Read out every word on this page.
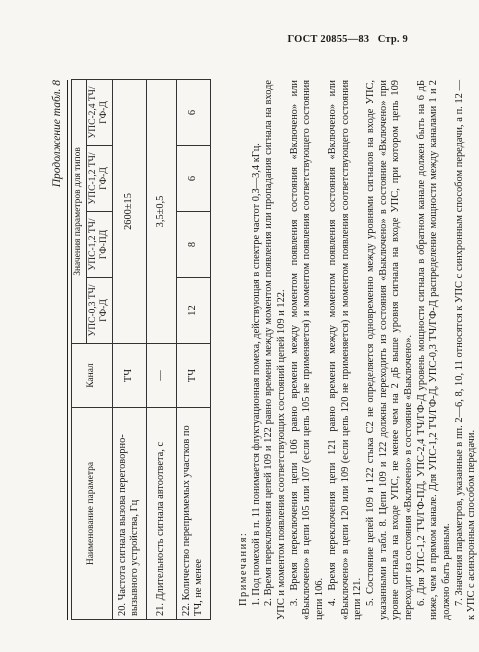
ГОСТ 20855—83 Стр. 9
Продолжение табл. 8
Наименование параметра	Канал	Значения параметров для типов			
		УПС-0,3 ТЧ/ГФ-Д	УПС-1,2 ТЧ/ГФ-ПД	УПС-1,2 ТЧ/ГФ-Д	УПС-2,4 ТЧ/ГФ-Д
20. Частота сигнала вызова переговорно-вызывного устройства, Гц	ТЧ	2600±15			
21. Длительность сигнала автоответа, с	—	3,5±0,5			
22. Количество перепримемых участков по ТЧ, не менее	ТЧ	12	8	6	6

Примечания: 1. Под помехой в п. 11 понимается флуктуационная помеха, действующая в спектре частот 0,3—3,4 кГц. 2. Время переключения цепей 109 и 122 равно времени между моментом появления или пропадания сигнала на входе УПС и моментом появления соответствующих состояний цепей 109 и 122. 3. Время переключения цепи 106 равно времени между моментом появления состояния «Включено» или «Выключено» в цепи 105 или 107 (если цепь 105 не применяется) и моментом появления соответствующего состояния цепи 106. 4. Время переключения цепи 121 равно времени между моментом появления состояния «Включено» или «Выключено» в цепи 120 или 109 (если цепь 120 не применяется) и моментом появления соответствующего состояния цепи 121. 5. Состояние цепей 109 и 122 стыка С2 не определяется одновременно между уровнями сигналов на входе УПС, указанными в табл. 8. Цепи 109 и 122 должны переходить из состояния «Выключено» в состояние «Включено» при уровне сигнала на входе УПС, не менее чем на 2 дБ выше уровня сигнала на входе УПС, при котором цепь 109 переходит из состояния «Включено» в состояние «Выключено». 6. Для УПС-1,2 ТЧ/ГФ-ПД, УПС-2,4 ТЧ/ГФ-Д уровень мощности сигнала в обратном канале должен быть на 6 дБ ниже, чем в прямом канале. Для УПС-1,2 ТЧ/ГФ-Д, УПС-0,3 ТЧ/ГФ-Д распределение мощности между каналами 1 и 2 должно быть равным. 7. Значения параметров, указанные в пп. 2—6, 8, 10, 11 относятся к УПС с синхронным способом передачи, а п. 12 — к УПС с асинхронным способом передачи.
